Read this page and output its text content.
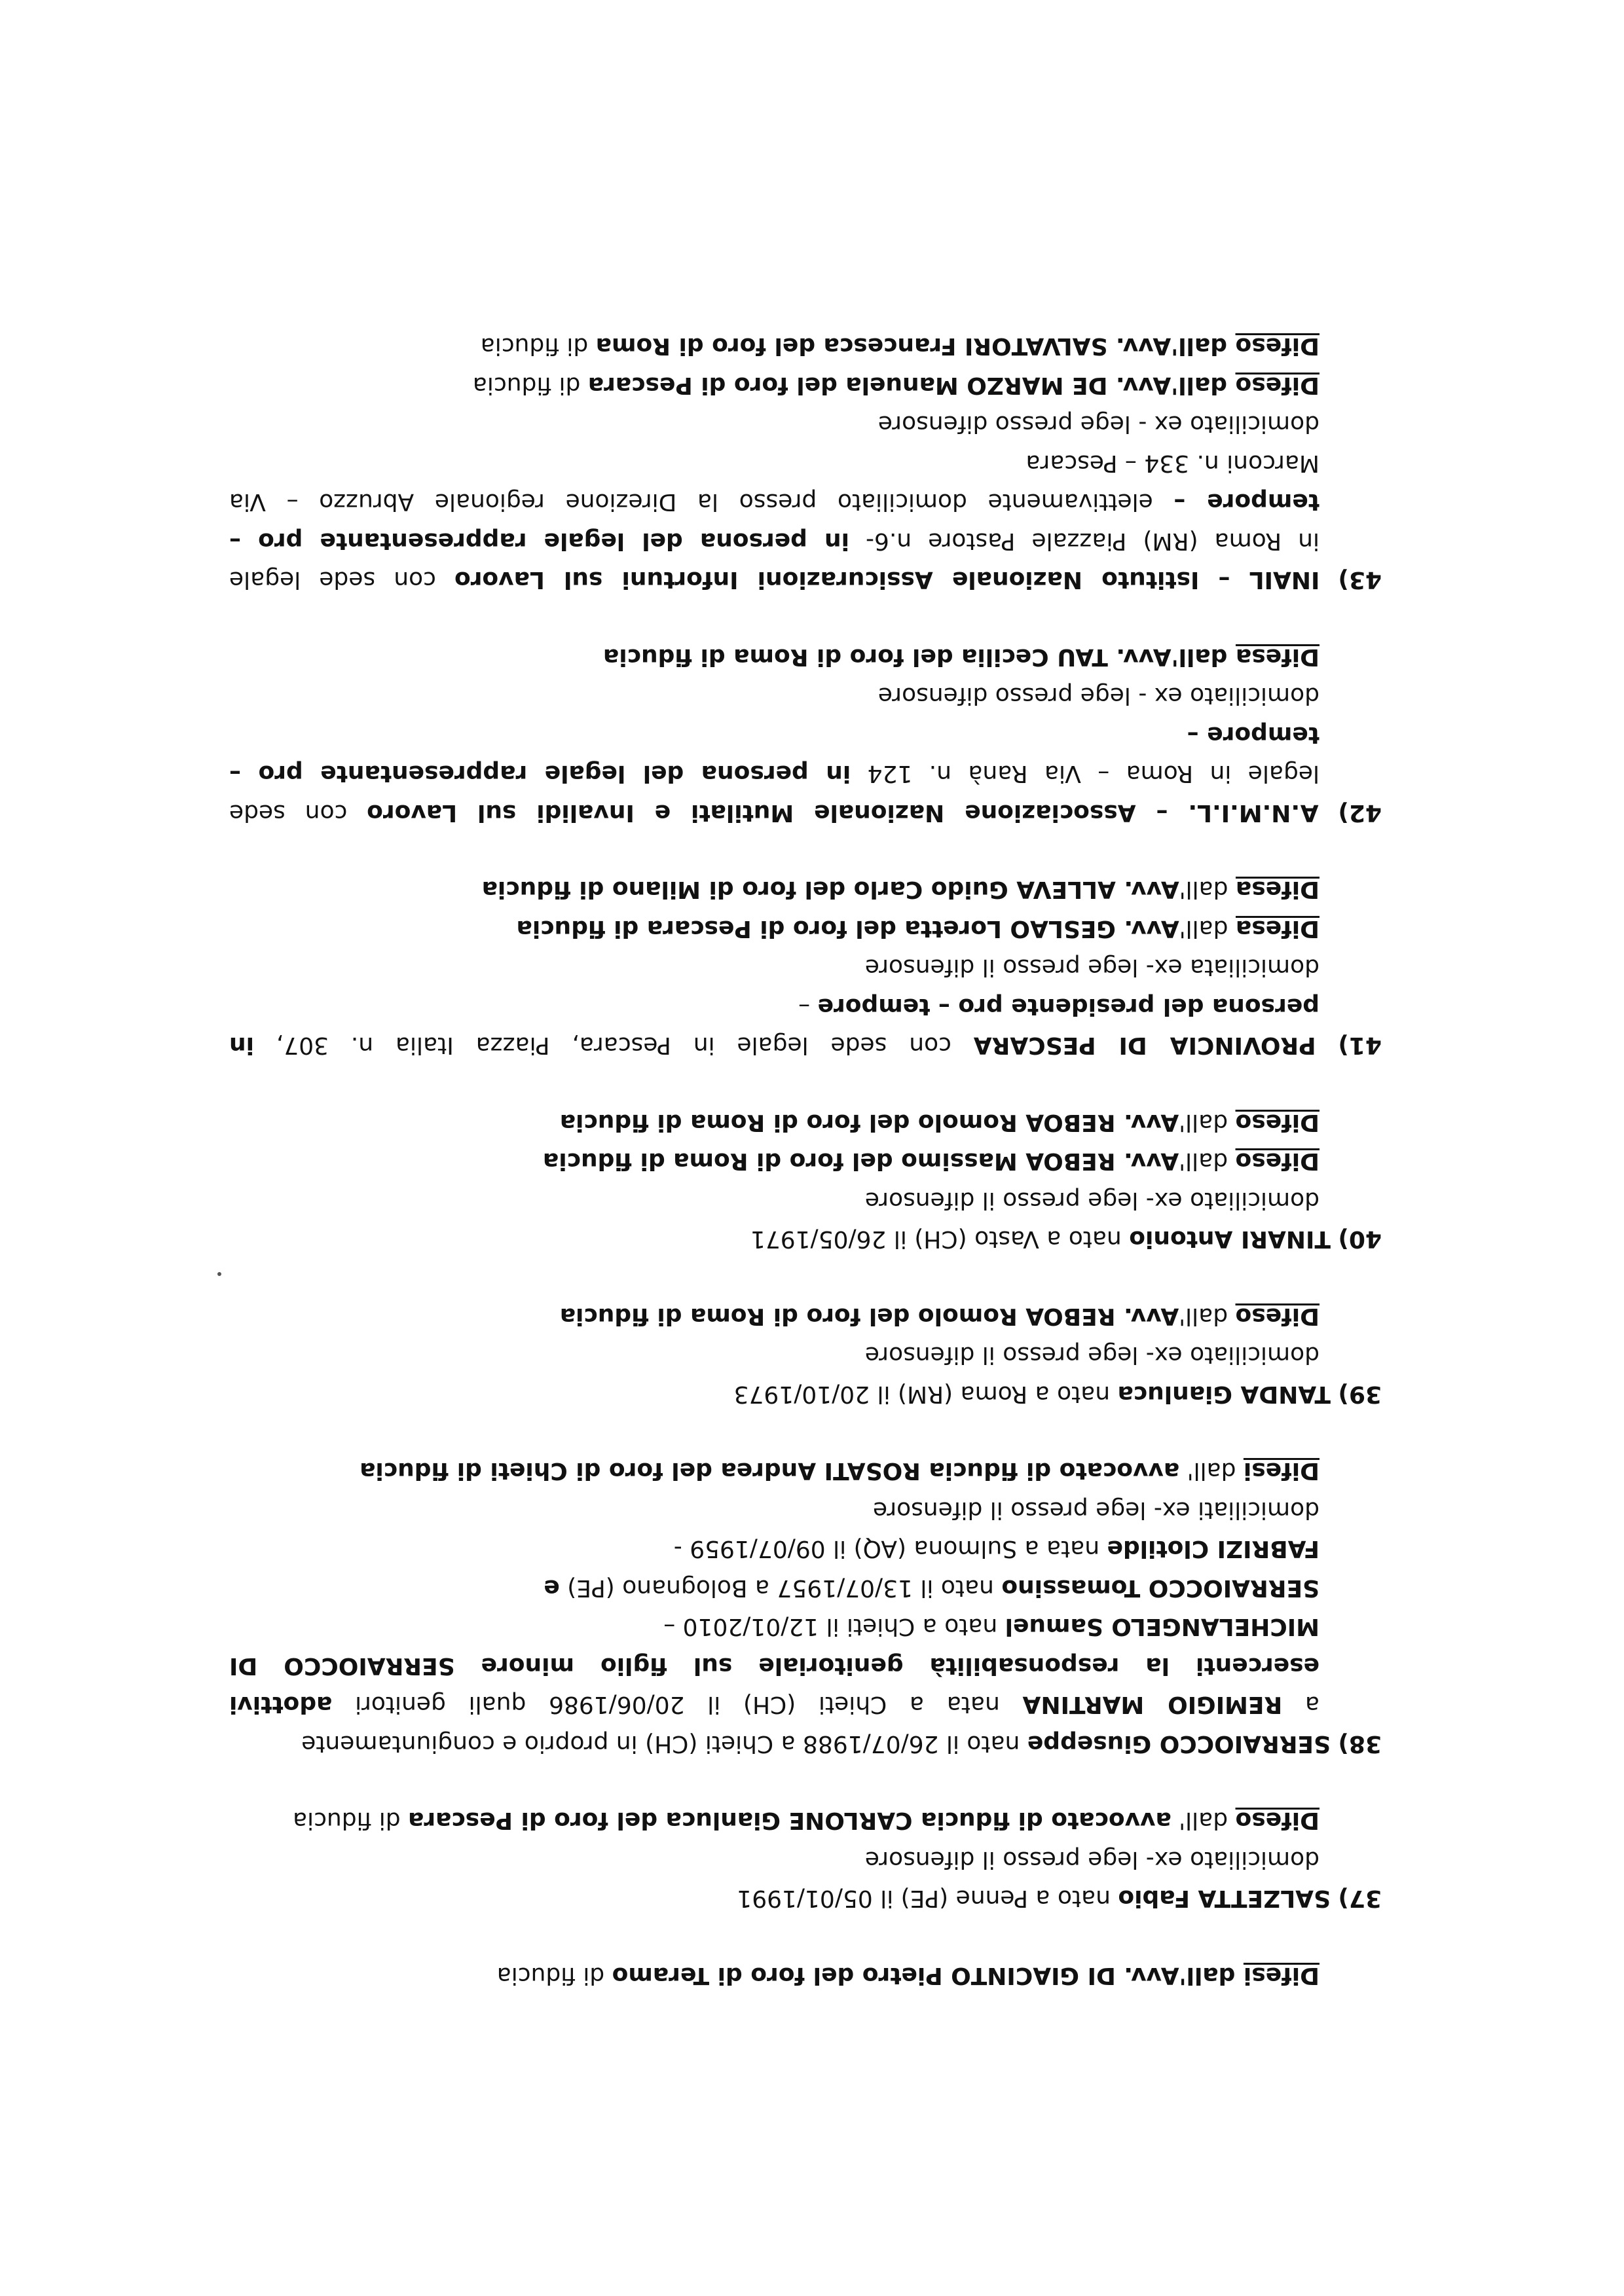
Difesi dall'Avv. DI GIACINTO Pietro del foro di Teramo di fiducia
37) SALZETTA Fabio nato a Penne (PE) il 05/01/1991
domiciliato ex- lege presso il difensore
Difeso dall' avvocato di fiducia CARLONE Gianluca del foro di Pescara di fiducia
38) SERRAIOCCO Giuseppe nato il 26/07/1988 a Chieti (CH) in proprio e congiuntamente
a REMIGIO MARTINA nata a Chieti (CH) il 20/06/1986 quali genitori adottivi
esercenti la responsabilità genitoriale sul figlio minore SERRAIOCCO DI
MICHELANGELO Samuel nato a Chieti il 12/01/2010 –
SERRAIOCCO Tomassino nato il 13/07/1957 a Bolognano (PE) e
FABRIZI Clotilde nata a Sulmona (AQ) il 09/07/1959 -
domiciliati ex- lege presso il difensore
Difesi dall' avvocato di fiducia ROSATI Andrea del foro di Chieti di fiducia
39) TANDA Gianluca nato a Roma (RM) il 20/10/1973
domiciliato ex- lege presso il difensore
Difeso dall'Avv. REBOA Romolo del foro di Roma di fiducia
40) TINARI Antonio nato a Vasto (CH) il 26/05/1971
domiciliato ex- lege presso il difensore
Difeso dall'Avv. REBOA Massimo del foro di Roma di fiducia
Difeso dall'Avv. REBOA Romolo del foro di Roma di fiducia
41) PROVINCIA DI PESCARA con sede legale in Pescara, Piazza Italia n. 307, in
persona del presidente pro – tempore –
domiciliata ex- lege presso il difensore
Difesa dall'Avv. GESLAO Loretta del foro di Pescara di fiducia
Difesa dall'Avv. ALLEVA Guido Carlo del foro di Milano di fiducia
42) A.N.M.I.L. – Associazione Nazionale Mutilati e Invalidi sul Lavoro con sede
legale in Roma – Via Ranà n. 124 in persona del legale rappresentante pro –
tempore –
domiciliato ex - lege presso difensore
Difesa dall'Avv. TAU Cecilia del foro di Roma di fiducia
43) INAIL – Istituto Nazionale Assicurazioni Infortuni sul Lavoro con sede legale
in Roma (RM) Piazzale Pastore n.6- in persona del legale rappresentante pro –
tempore – elettivamente domiciliato presso la Direzione regionale Abruzzo – Via
Marconi n. 334 – Pescara
domiciliato ex - lege presso difensore
Difeso dall'Avv. DE MARZO Manuela del foro di Pescara di fiducia
Difeso dall'Avv. SALVATORI Francesca del foro di Roma di fiducia
